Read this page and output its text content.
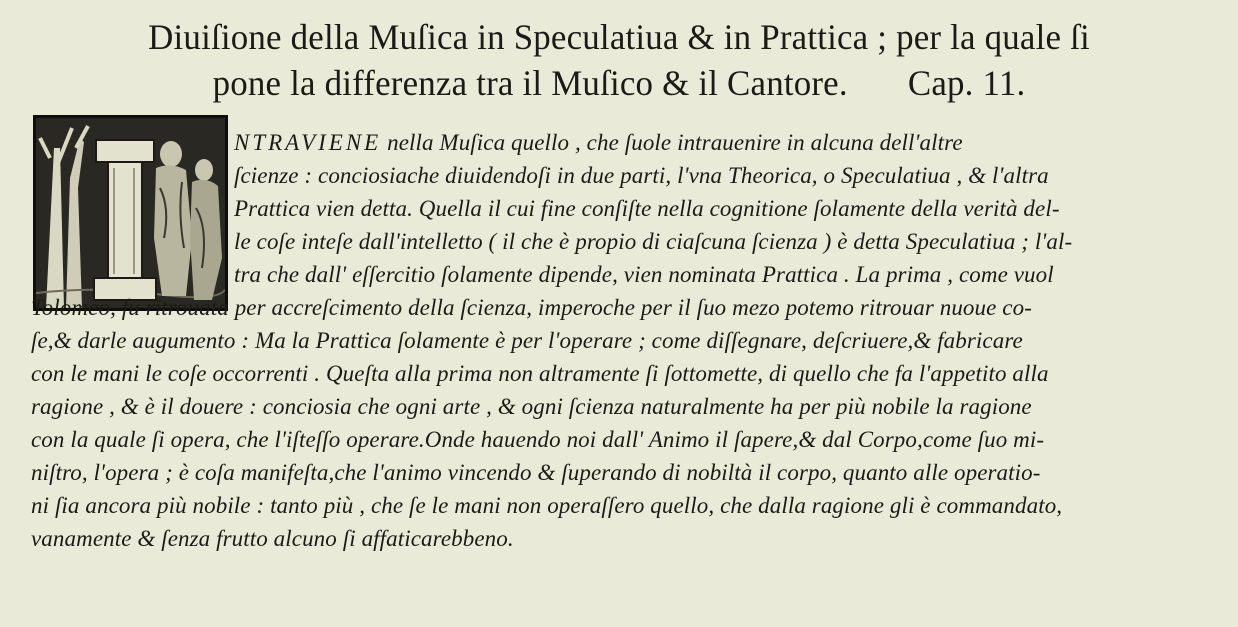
Diuiſione della Muſica in Speculatiua & in Prattica ; per la quale ſi
pone la differenza tra il Muſico & il Cantore. Cap. 11.
NTRAVIENE nella Muſica quello , che ſuole intrauenire in alcuna dell'altre
ſcienze : conciosiache diuidendoſi in due parti, l'vna Theorica, o Speculatiua , & l'altra
Prattica vien detta. Quella il cui fine conſiſte nella cognitione ſolamente della verità del-
le coſe inteſe dall'intelletto ( il che è propio di ciaſcuna ſcienza ) è detta Speculatiua ; l'al-
tra che dall' eſſercitio ſolamente dipende, vien nominata Prattica . La prima , come vuol
Tolomeo, fu ritrouata per accreſcimento della ſcienza, imperoche per il ſuo mezo potemo ritrouar nuoue co-
ſe,& darle augumento : Ma la Prattica ſolamente è per l'operare ; come diſſegnare, deſcriuere,& fabricare
con le mani le coſe occorrenti . Queſta alla prima non altramente ſi ſottomette, di quello che fa l'appetito alla
ragione , & è il douere : conciosia che ogni arte , & ogni ſcienza naturalmente ha per più nobile la ragione
con la quale ſi opera, che l'iſteſſo operare.Onde hauendo noi dall' Animo il ſapere,& dal Corpo,come ſuo mi-
niſtro, l'opera ; è coſa manifeſta,che l'animo vincendo & ſuperando di nobiltà il corpo, quanto alle operatio-
ni ſia ancora più nobile : tanto più , che ſe le mani non operaſſero quello, che dalla ragione gli è commandato,
vanamente & ſenza frutto alcuno ſi affaticarebbeno.
